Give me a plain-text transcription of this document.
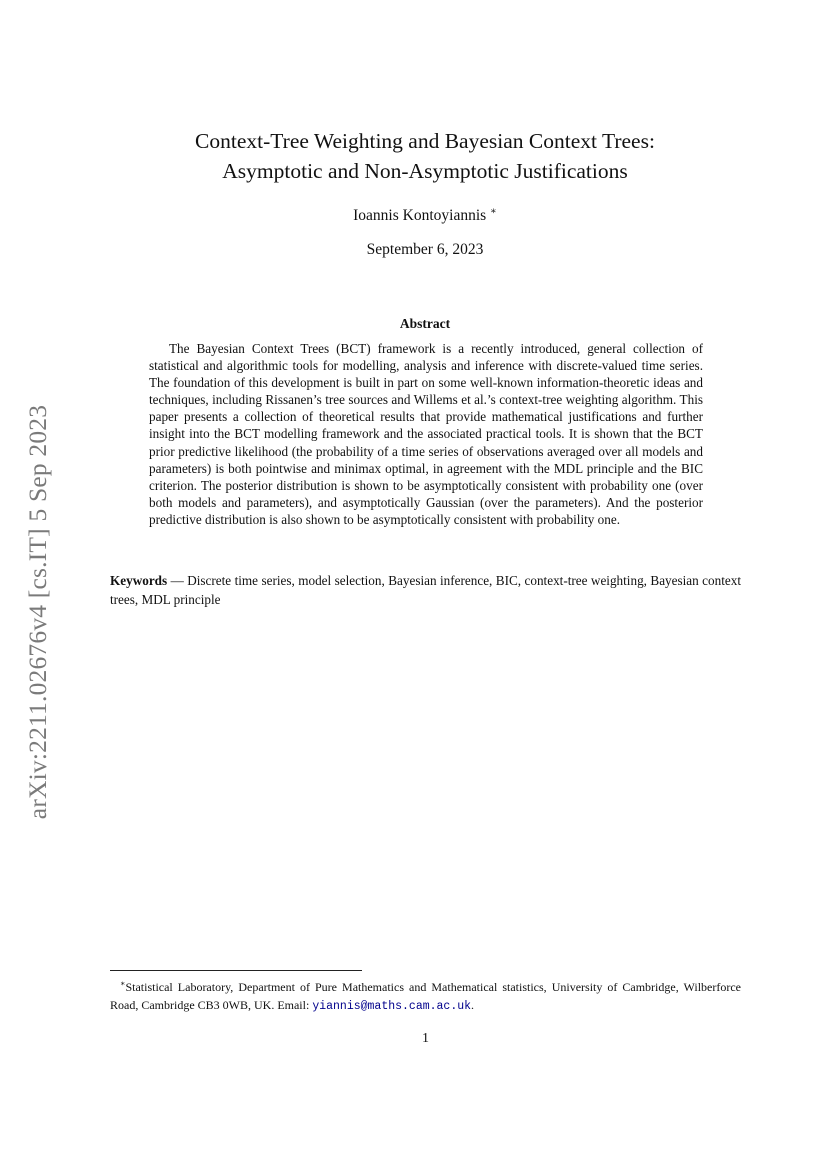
arXiv:2211.02676v4 [cs.IT] 5 Sep 2023
Context-Tree Weighting and Bayesian Context Trees:
Asymptotic and Non-Asymptotic Justifications
Ioannis Kontoyiannis ∗
September 6, 2023
Abstract
The Bayesian Context Trees (BCT) framework is a recently introduced, general collection of statistical and algorithmic tools for modelling, analysis and inference with discrete-valued time series. The foundation of this development is built in part on some well-known information-theoretic ideas and techniques, including Rissanen’s tree sources and Willems et al.’s context-tree weighting algorithm. This paper presents a collection of theoretical results that provide mathematical justifications and further insight into the BCT modelling framework and the associated practical tools. It is shown that the BCT prior predictive likelihood (the probability of a time series of observations averaged over all models and parameters) is both pointwise and minimax optimal, in agreement with the MDL principle and the BIC criterion. The posterior distribution is shown to be asymptotically consistent with probability one (over both models and parameters), and asymptotically Gaussian (over the parameters). And the posterior predictive distribution is also shown to be asymptotically consistent with probability one.
Keywords — Discrete time series, model selection, Bayesian inference, BIC, context-tree weighting, Bayesian context trees, MDL principle
∗Statistical Laboratory, Department of Pure Mathematics and Mathematical statistics, University of Cambridge, Wilberforce Road, Cambridge CB3 0WB, UK. Email: yiannis@maths.cam.ac.uk.
1
